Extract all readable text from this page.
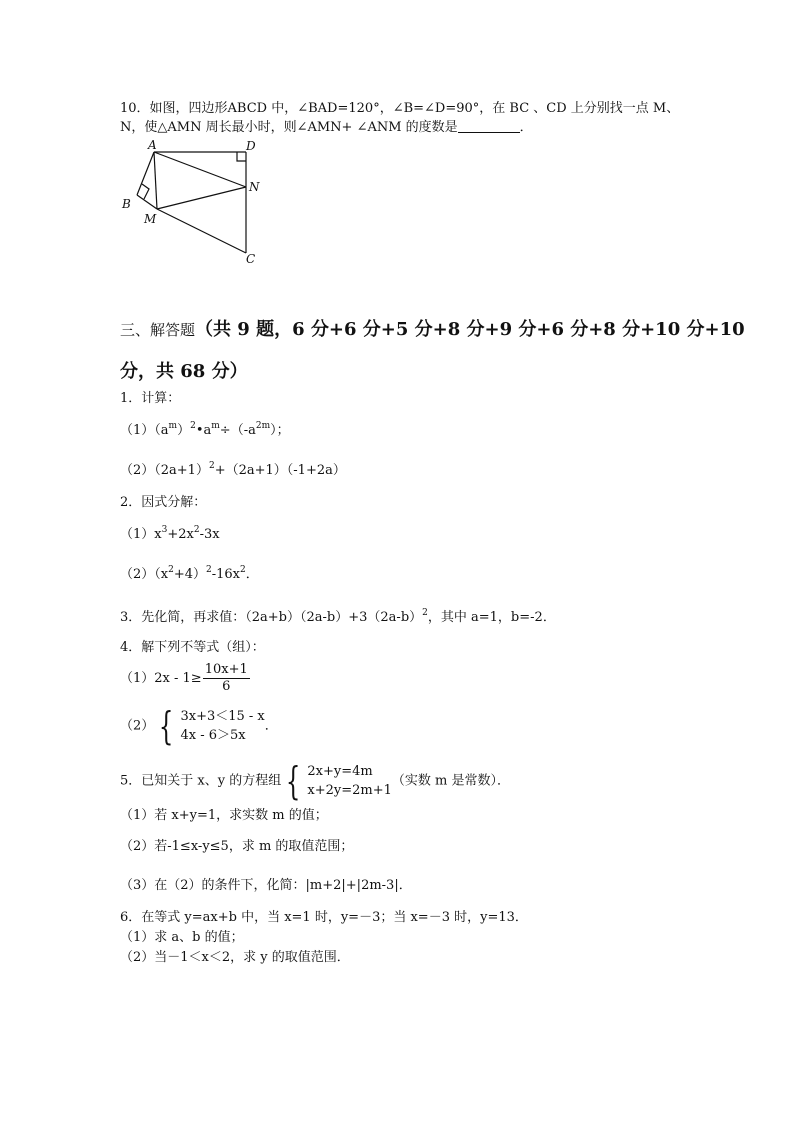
10．如图，四边形ABCD 中，∠BAD=120°，∠B=∠D=90°，在 BC 、CD 上分别找一点 M、
N，使△AMN 周长最小时，则∠AMN+ ∠ANM 的度数是	．
A	D
N
B
M
C
三、解答题（共 9 题，6 分+6 分+5 分+8 分+9 分+6 分+8 分+10 分+10
分，共 68 分）
1．计算：
$(1)(a^m)^2•a^m\div(-a^{2m})$；
$(2)(2a+1)^2+(2a+1)(-1+2a)$
2．因式分解：
$(1)x^3+2x^2-3x$
$(2)(x^2+4)^2-16x^2$．
3．先化简，再求值：$(2a+b)(2a-b)+3(2a-b)^2$，其中 a=1，b=-2．
4．解下列不等式（组）：
$(1)2x - 1\ge \frac{10x+1}{6}$
（2） { 3x+3＜15 - x
4x - 6＞5x
．
5．已知关于 x、y 的方程组 { 2x+y=4m
x+2y=2m+1
（实数 m 是常数）．
（1）若 x+y=1，求实数 m 的值；
（2）若-1≤x-y≤5，求 m 的取值范围；
（3）在（2）的条件下，化简：|m+2|+|2m-3|．
6．在等式 y=ax+b 中，当 x=1 时，y=－3；当 x=－3 时，y=13．
（1）求 a、b 的值；
（2）当－1＜x＜2，求 y 的取值范围．
